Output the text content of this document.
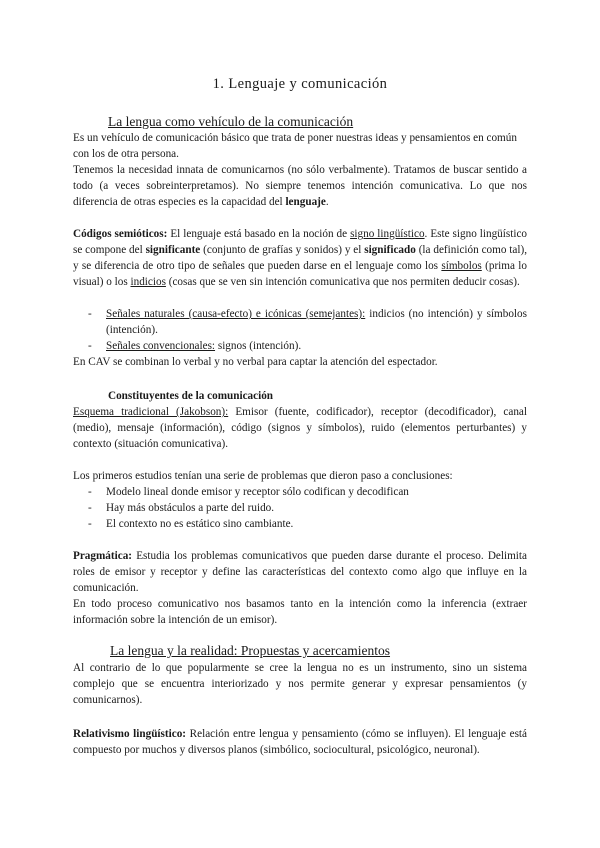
1. Lenguaje y comunicación
La lengua como vehículo de la comunicación
Es un vehículo de comunicación básico que trata de poner nuestras ideas y pensamientos en común con los de otra persona.
Tenemos la necesidad innata de comunicarnos (no sólo verbalmente). Tratamos de buscar sentido a todo (a veces sobreinterpretamos). No siempre tenemos intención comunicativa. Lo que nos diferencia de otras especies es la capacidad del lenguaje.
Códigos semióticos: El lenguaje está basado en la noción de signo lingüístico. Este signo lingüístico se compone del significante (conjunto de grafías y sonidos) y el significado (la definición como tal), y se diferencia de otro tipo de señales que pueden darse en el lenguaje como los símbolos (prima lo visual) o los indicios (cosas que se ven sin intención comunicativa que nos permiten deducir cosas).
-	Señales naturales (causa-efecto) e icónicas (semejantes): indicios (no intención) y símbolos (intención).
-	Señales convencionales: signos (intención).
En CAV se combinan lo verbal y no verbal para captar la atención del espectador.
Constituyentes de la comunicación
Esquema tradicional (Jakobson): Emisor (fuente, codificador), receptor (decodificador), canal (medio), mensaje (información), código (signos y símbolos), ruido (elementos perturbantes) y contexto (situación comunicativa).
Los primeros estudios tenían una serie de problemas que dieron paso a conclusiones:
-	Modelo lineal donde emisor y receptor sólo codifican y decodifican
-	Hay más obstáculos a parte del ruido.
-	El contexto no es estático sino cambiante.
Pragmática: Estudia los problemas comunicativos que pueden darse durante el proceso. Delimita roles de emisor y receptor y define las características del contexto como algo que influye en la comunicación.
En todo proceso comunicativo nos basamos tanto en la intención como la inferencia (extraer información sobre la intención de un emisor).
La lengua y la realidad: Propuestas y acercamientos
Al contrario de lo que popularmente se cree la lengua no es un instrumento, sino un sistema complejo que se encuentra interiorizado y nos permite generar y expresar pensamientos (y comunicarnos).
Relativismo lingüístico: Relación entre lengua y pensamiento (cómo se influyen). El lenguaje está compuesto por muchos y diversos planos (simbólico, sociocultural, psicológico, neuronal).
